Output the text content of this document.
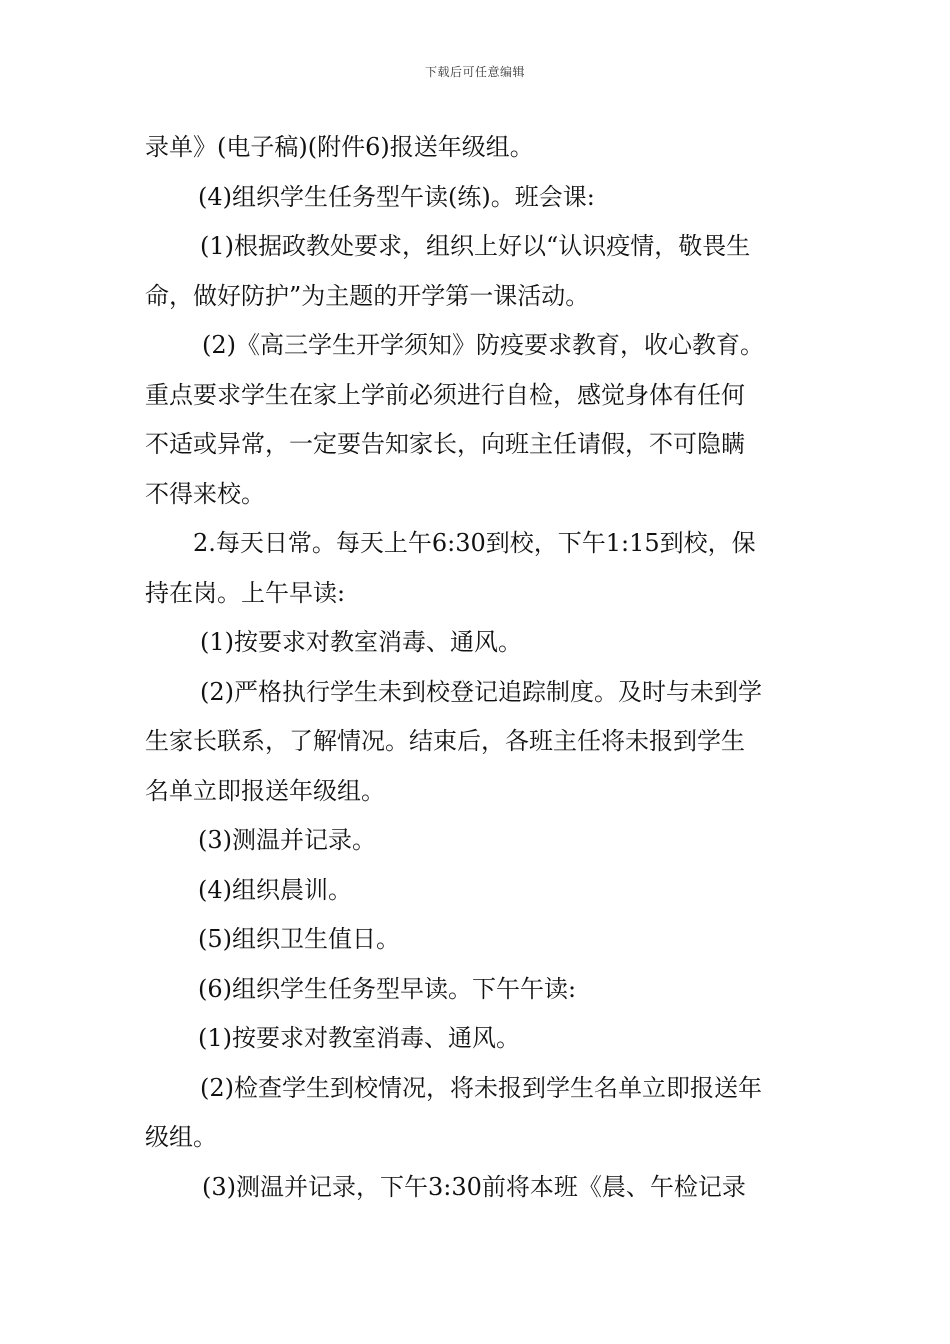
下载后可任意编辑
录单》(电子稿)(附件6)报送年级组。
(4)组织学生任务型午读(练)。班会课:
(1)根据政教处要求，组织上好以“认识疫情，敬畏生
命，做好防护”为主题的开学第一课活动。
(2)《高三学生开学须知》防疫要求教育，收心教育。
重点要求学生在家上学前必须进行自检，感觉身体有任何
不适或异常，一定要告知家长，向班主任请假，不可隐瞒
不得来校。
2.每天日常。每天上午6:30到校，下午1:15到校，保
持在岗。上午早读:
(1)按要求对教室消毒、通风。
(2)严格执行学生未到校登记追踪制度。及时与未到学
生家长联系，了解情况。结束后，各班主任将未报到学生
名单立即报送年级组。
(3)测温并记录。
(4)组织晨训。
(5)组织卫生值日。
(6)组织学生任务型早读。下午午读:
(1)按要求对教室消毒、通风。
(2)检查学生到校情况，将未报到学生名单立即报送年
级组。
(3)测温并记录，下午3:30前将本班《晨、午检记录
